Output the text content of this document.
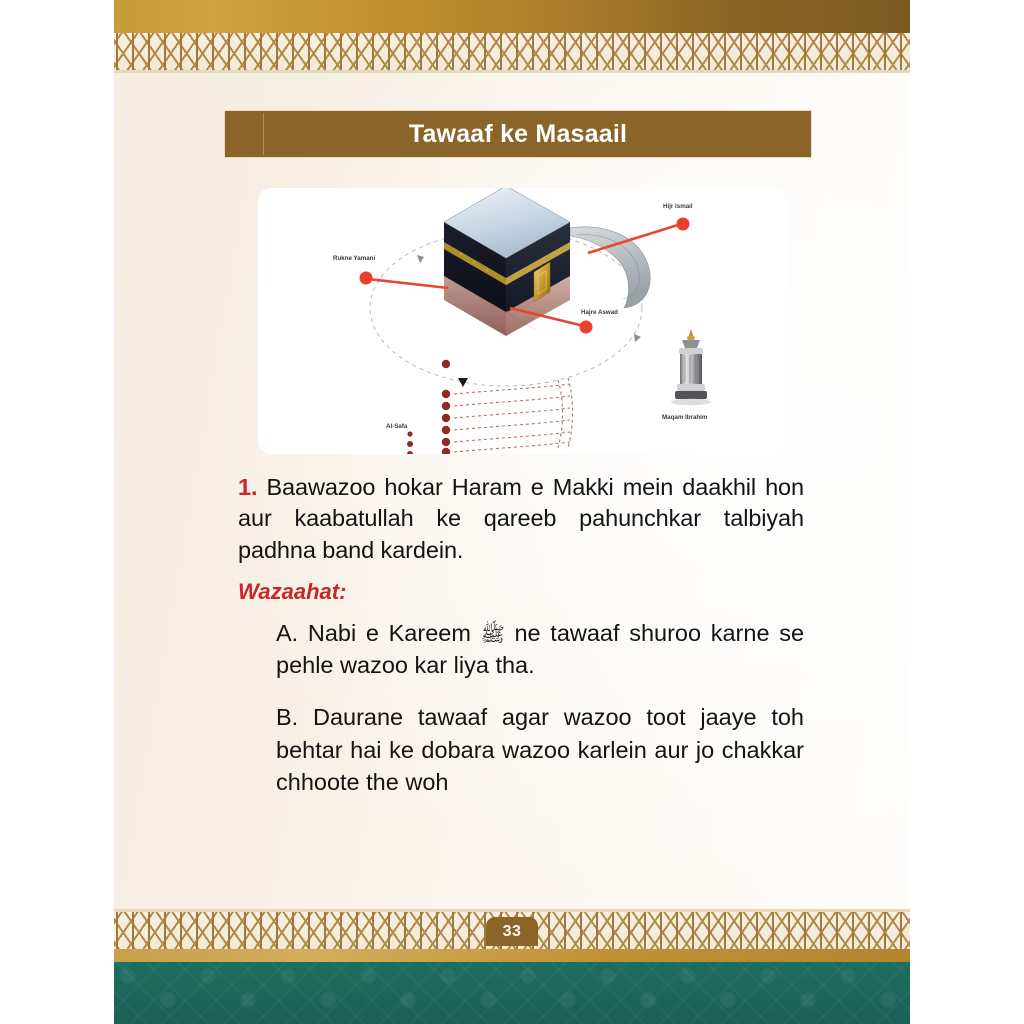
Tawaaf ke Masaail
Rukne Yamani
Hijr Ismail
Hajre Aswad
Maqam Ibrahim
Al-Safa

1. Baawazoo hokar Haram e Makki mein daakhil hon aur kaabatullah ke qareeb pahunchkar talbiyah padhna band kardein.

Wazaahat:

A. Nabi e Kareem ﷺ ne tawaaf shuroo karne se pehle wazoo kar liya tha.

B. Daurane tawaaf agar wazoo toot jaaye toh behtar hai ke dobara wazoo karlein aur jo chakkar chhoote the woh

33
